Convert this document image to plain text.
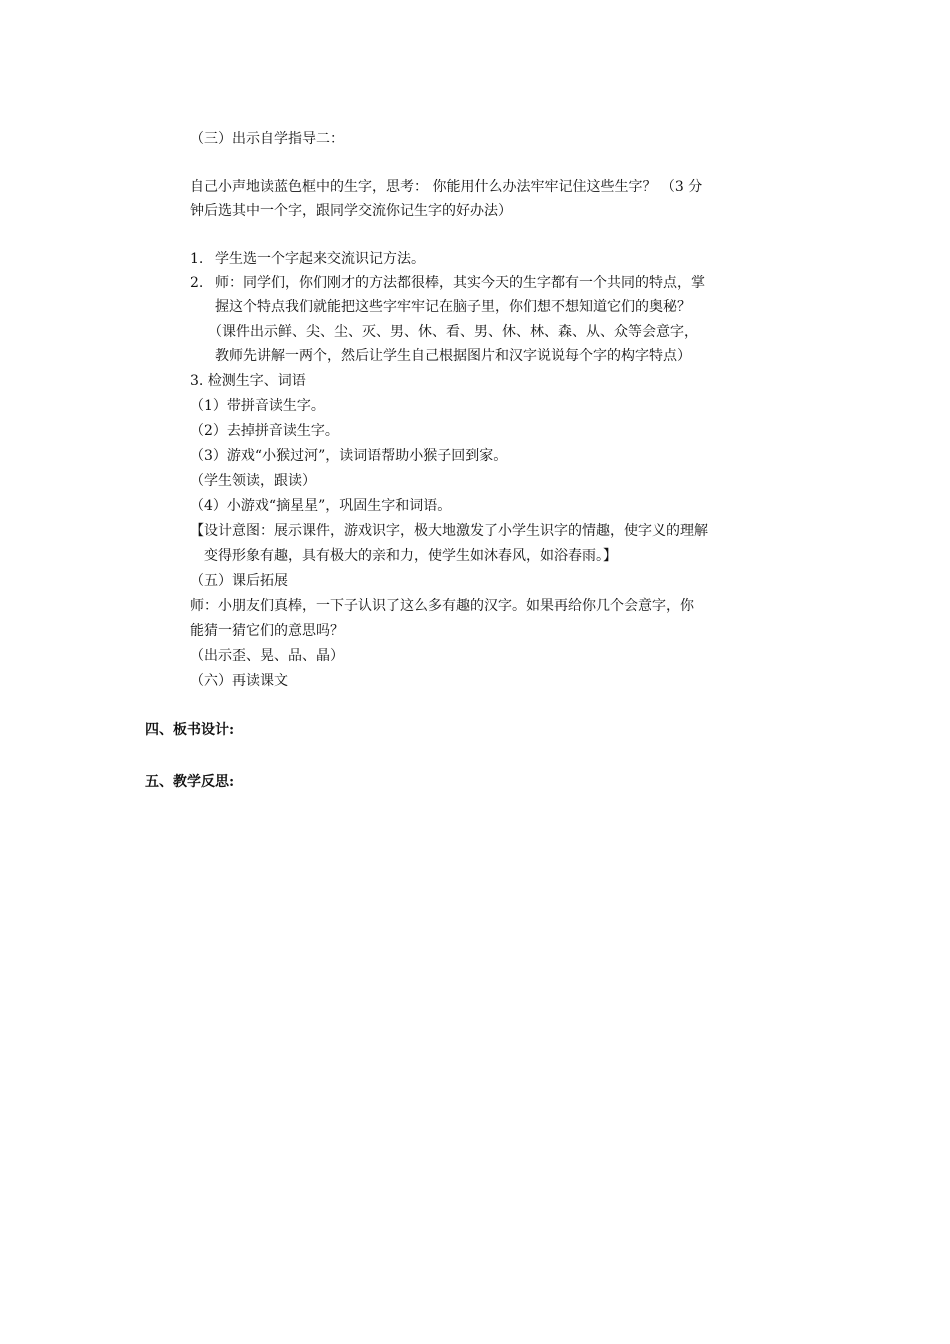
（三）出示自学指导二：
自己小声地读蓝色框中的生字，思考： 你能用什么办法牢牢记住这些生字？ （3 分
钟后选其中一个字，跟同学交流你记生字的好办法）
1. 学生选一个字起来交流识记方法。
2. 师：同学们，你们刚才的方法都很棒，其实今天的生字都有一个共同的特点，掌
握这个特点我们就能把这些字牢牢记在脑子里，你们想不想知道它们的奥秘？
（课件出示鲜、尖、尘、灭、男、休、看、男、休、林、森、从、众等会意字，
教师先讲解一两个，然后让学生自己根据图片和汉字说说每个字的构字特点）
3. 检测生字、词语
（1）带拼音读生字。
（2）去掉拼音读生字。
（3）游戏“小猴过河”，读词语帮助小猴子回到家。
（学生领读，跟读）
（4）小游戏“摘星星”，巩固生字和词语。
【设计意图：展示课件，游戏识字，极大地激发了小学生识字的情趣，使字义的理解
变得形象有趣，具有极大的亲和力，使学生如沐春风，如浴春雨。】
（五）课后拓展
师：小朋友们真棒，一下子认识了这么多有趣的汉字。如果再给你几个会意字，你
能猜一猜它们的意思吗？
（出示歪、晃、品、晶）
（六）再读课文
四、板书设计:
五、教学反思:
